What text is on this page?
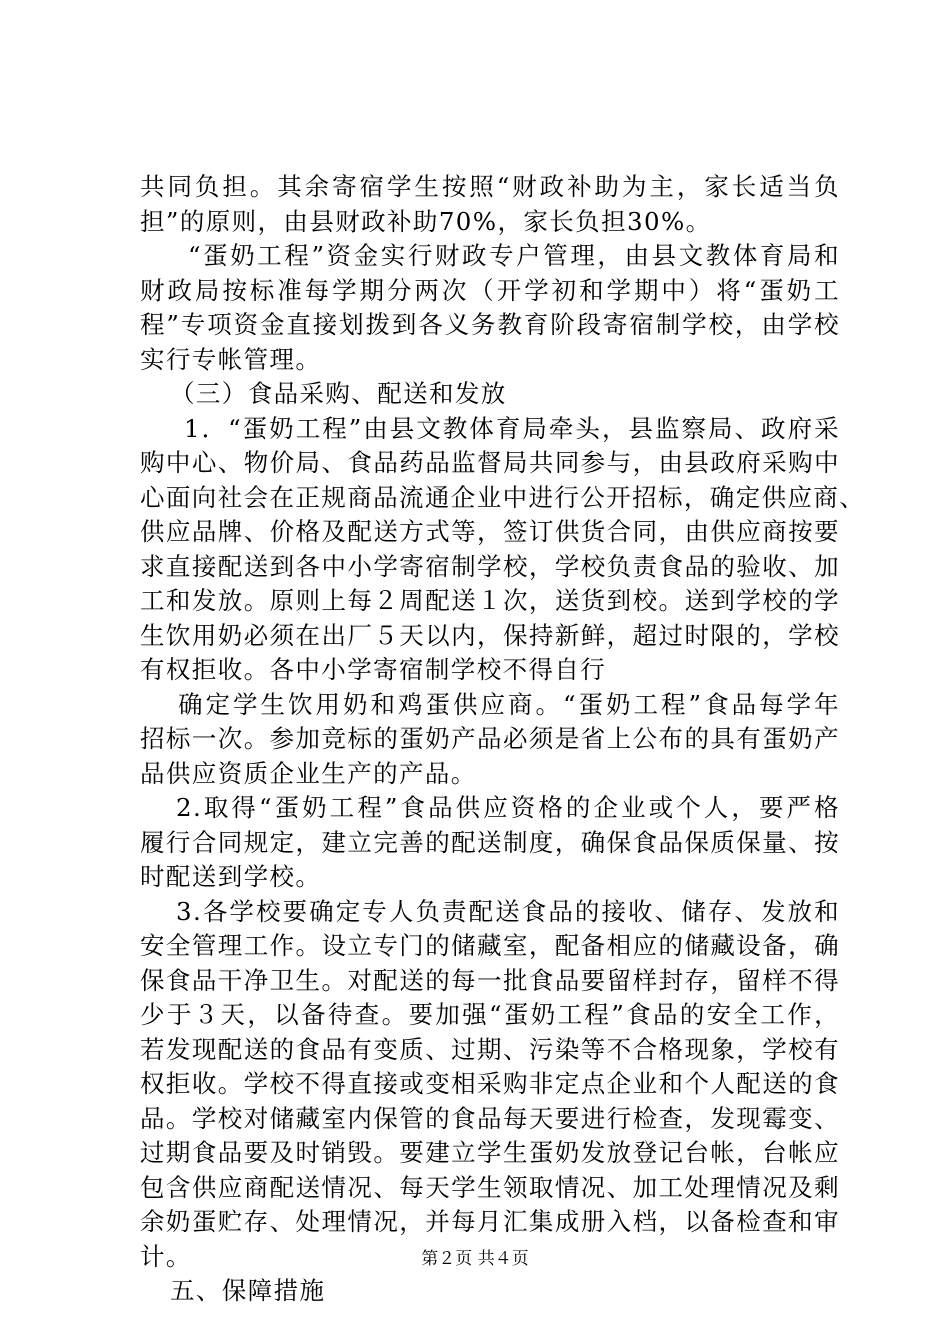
共同负担。其余寄宿学生按照“财政补助为主，家长适当负
担”的原则，由县财政补助70%，家长负担30%。
“蛋奶工程”资金实行财政专户管理，由县文教体育局和
财政局按标准每学期分两次（开学初和学期中）将“蛋奶工
程”专项资金直接划拨到各义务教育阶段寄宿制学校，由学校
实行专帐管理。
（三）食品采购、配送和发放
1．“蛋奶工程”由县文教体育局牵头，县监察局、政府采
购中心、物价局、食品药品监督局共同参与，由县政府采购中
心面向社会在正规商品流通企业中进行公开招标，确定供应商、
供应品牌、价格及配送方式等，签订供货合同，由供应商按要
求直接配送到各中小学寄宿制学校，学校负责食品的验收、加
工和发放。原则上每２周配送１次，送货到校。送到学校的学
生饮用奶必须在出厂５天以内，保持新鲜，超过时限的，学校
有权拒收。各中小学寄宿制学校不得自行
确定学生饮用奶和鸡蛋供应商。“蛋奶工程”食品每学年
招标一次。参加竞标的蛋奶产品必须是省上公布的具有蛋奶产
品供应资质企业生产的产品。
2.取得“蛋奶工程”食品供应资格的企业或个人，要严格
履行合同规定，建立完善的配送制度，确保食品保质保量、按
时配送到学校。
3.各学校要确定专人负责配送食品的接收、储存、发放和
安全管理工作。设立专门的储藏室，配备相应的储藏设备，确
保食品干净卫生。对配送的每一批食品要留样封存，留样不得
少于３天，以备待查。要加强“蛋奶工程”食品的安全工作，
若发现配送的食品有变质、过期、污染等不合格现象，学校有
权拒收。学校不得直接或变相采购非定点企业和个人配送的食
品。学校对储藏室内保管的食品每天要进行检查，发现霉变、
过期食品要及时销毁。要建立学生蛋奶发放登记台帐，台帐应
包含供应商配送情况、每天学生领取情况、加工处理情况及剩
余奶蛋贮存、处理情况，并每月汇集成册入档，以备检查和审
计。
五、保障措施
第２页 共４页
